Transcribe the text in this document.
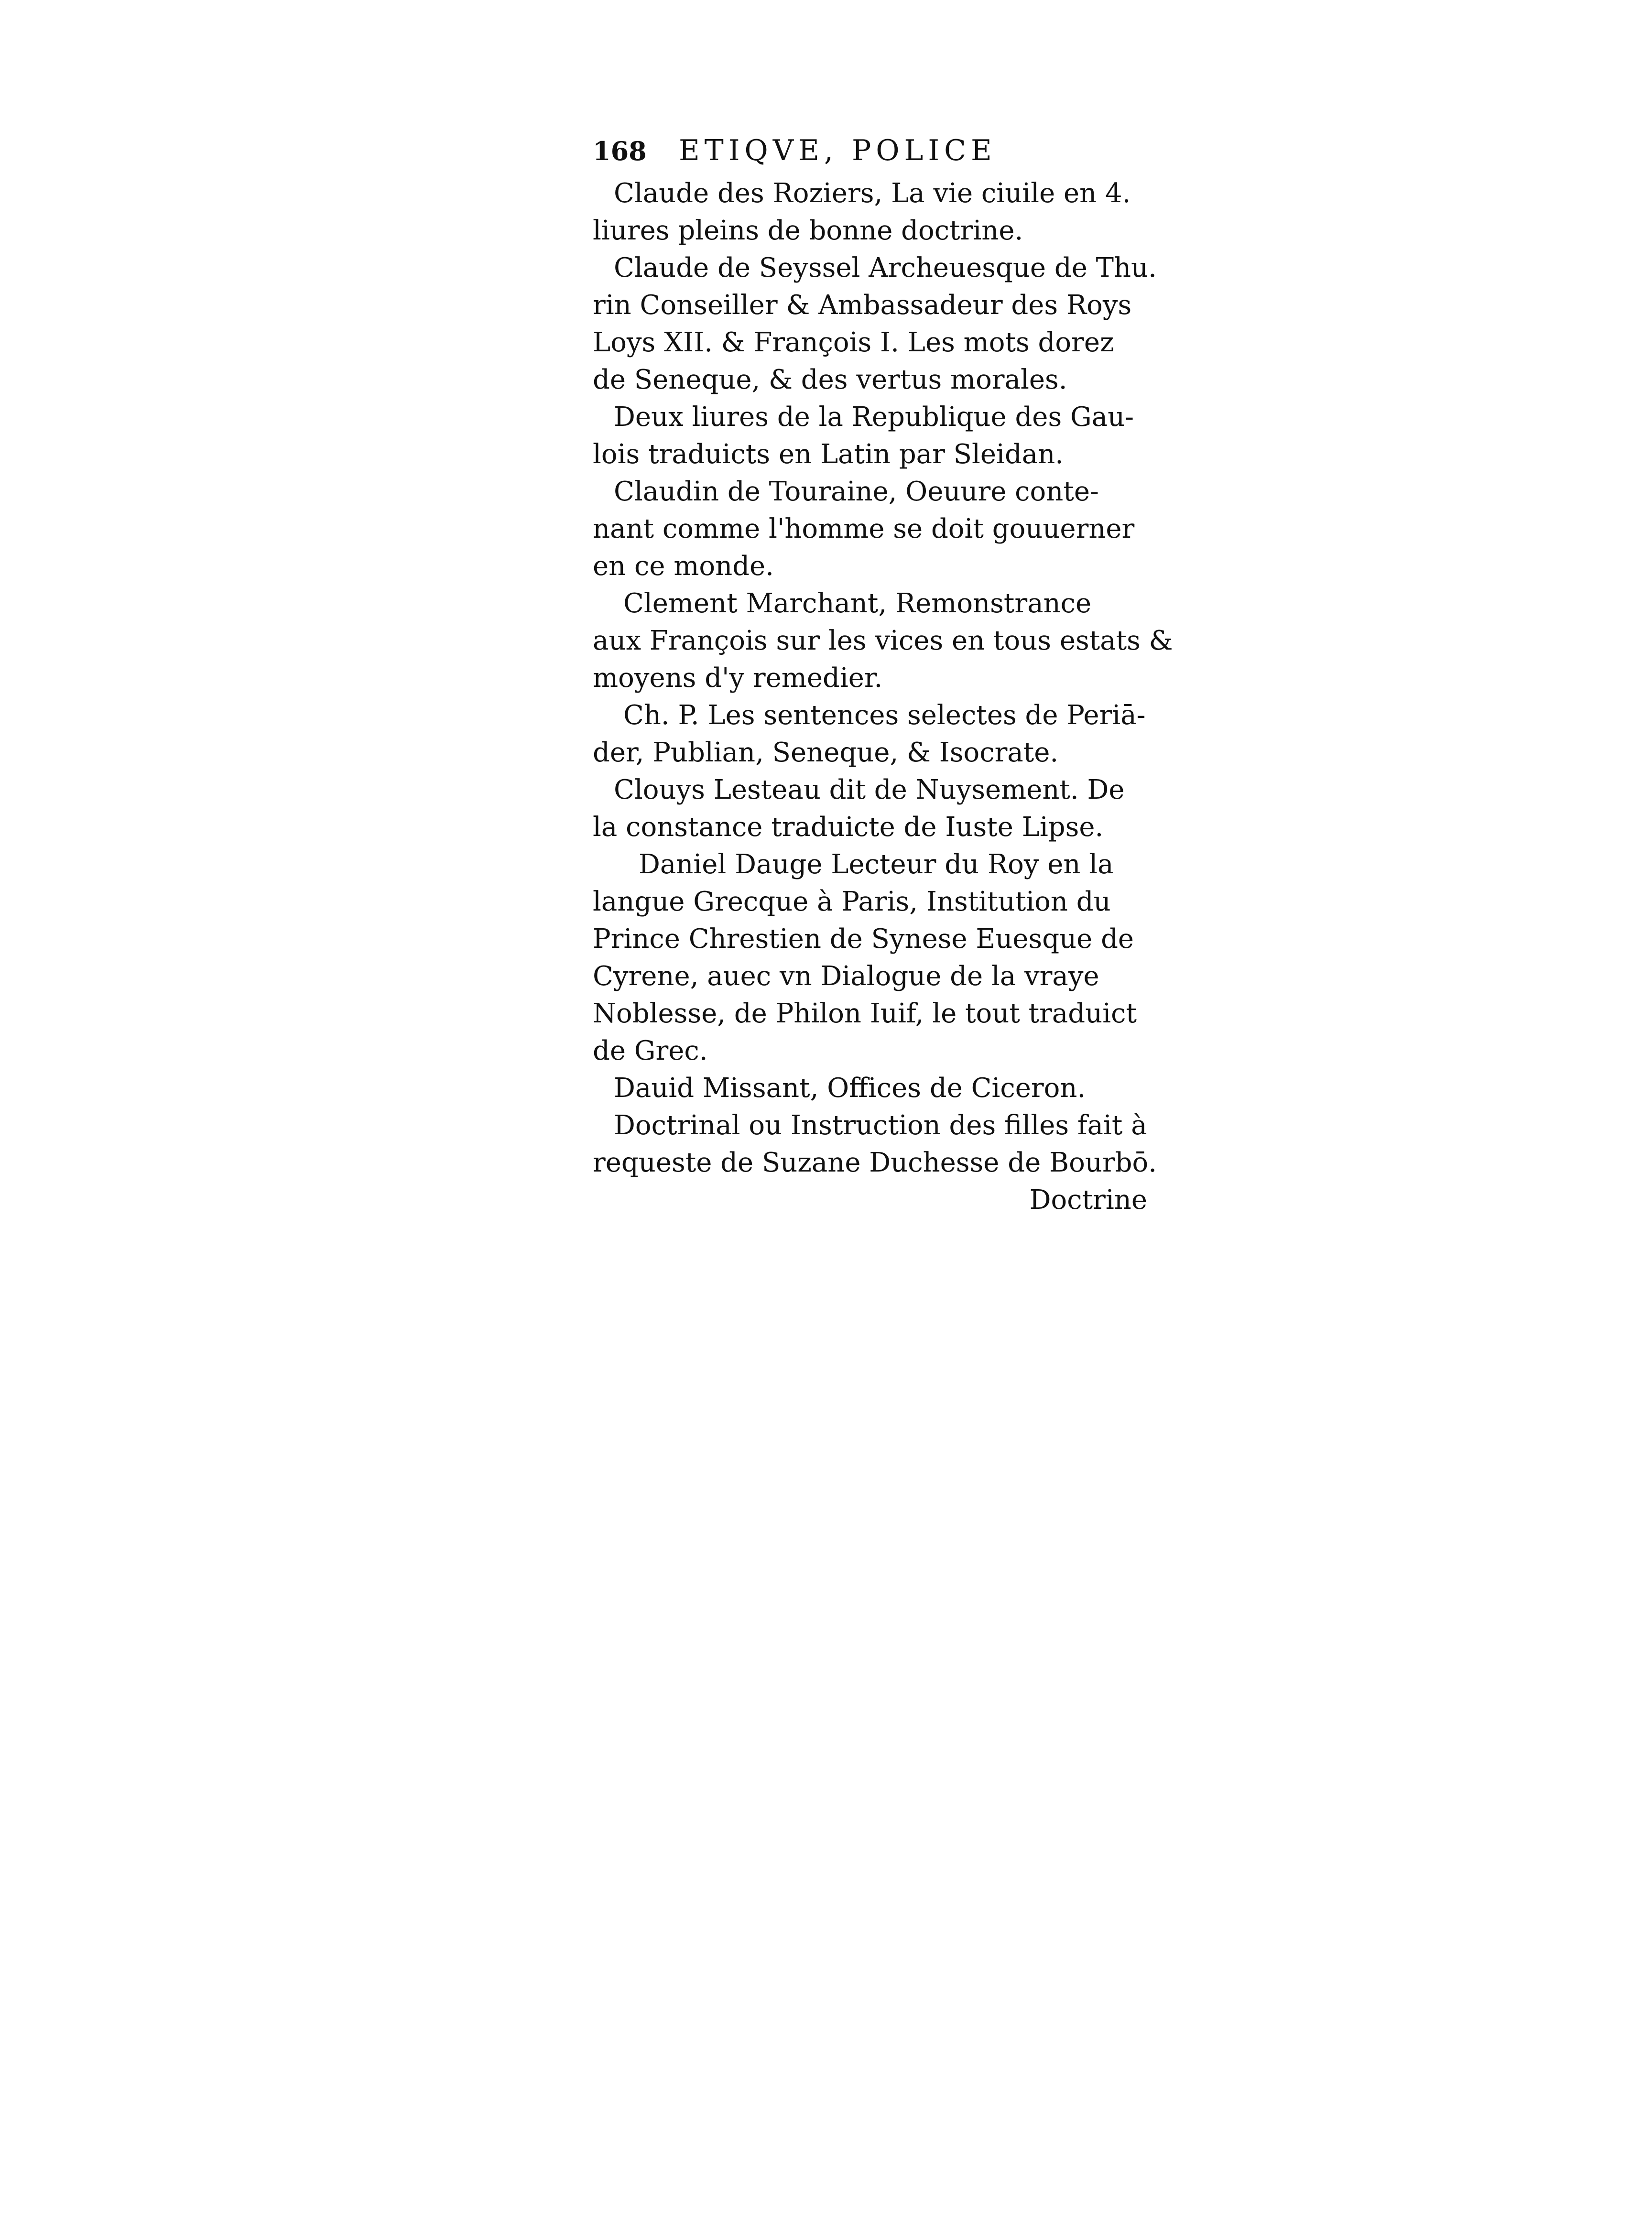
168	ETIQVE, POLICE
Claude des Roziers, La vie ciuile en 4.
liures pleins de bonne doctrine.
Claude de Seyssel Archeuesque de Thu.
rin Conseiller & Ambassadeur des Roys
Loys XII. & François I. Les mots dorez
de Seneque, & des vertus morales.
Deux liures de la Republique des Gau-
lois traduicts en Latin par Sleidan.
Claudin de Touraine, Oeuure conte-
nant comme l'homme se doit gouuerner
en ce monde.
Clement Marchant, Remonstrance
aux François sur les vices en tous estats &
moyens d'y remedier.
Ch. P. Les sentences selectes de Periā-
der, Publian, Seneque, & Isocrate.
Clouys Lesteau dit de Nuysement. De
la constance traduicte de Iuste Lipse.
Daniel Dauge Lecteur du Roy en la
langue Grecque à Paris, Institution du
Prince Chrestien de Synese Euesque de
Cyrene, auec vn Dialogue de la vraye
Noblesse, de Philon Iuif, le tout traduict
de Grec.
Dauid Missant, Offices de Ciceron.
Doctrinal ou Instruction des filles fait à
requeste de Suzane Duchesse de Bourbō.
Doctrine
